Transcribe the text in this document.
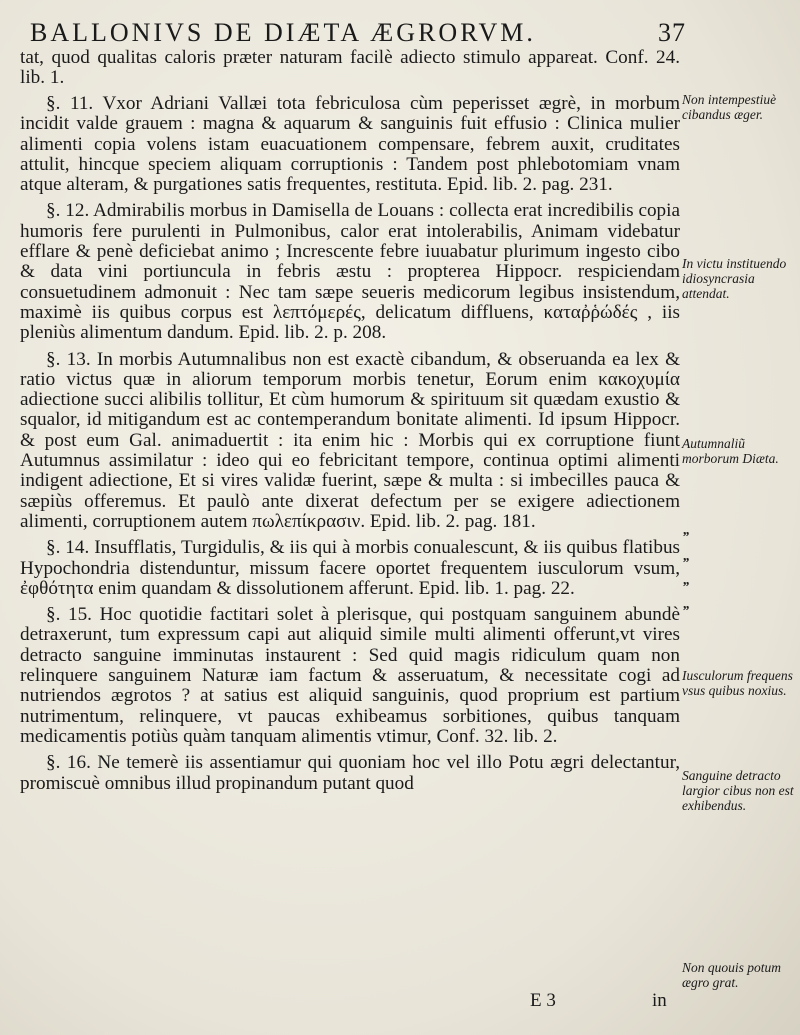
BALLONIVS DE DIÆTA ÆGRORVM.	37

tat, quod qualitas caloris præter naturam facilè adiecto stimulo appareat. Conf. 24. lib. 1.

§. 11. Vxor Adriani Vallæi tota febriculosa cùm peperisset ægrè, in morbum incidit valde grauem : magna & aquarum & sanguinis fuit effusio : Clinica mulier alimenti copia volens istam euacuationem compensare, febrem auxit, cruditates attulit, hincque speciem aliquam corruptionis : Tandem post phlebotomiam vnam atque alteram, & purgationes satis frequentes, restituta. Epid. lib. 2. pag. 231.

§. 12. Admirabilis morbus in Damisella de Louans : collecta erat incredibilis copia humoris fere purulenti in Pulmonibus, calor erat intolerabilis, Animam videbatur efflare & penè deficiebat animo ; Increscente febre iuuabatur plurimum ingesto cibo & data vini portiuncula in febris æstu : propterea Hippocr. respiciendam consuetudinem admonuit : Nec tam sæpe seueris medicorum legibus insistendum, maximè iis quibus corpus est λεπτόμερές, delicatum diffluens, καταῤῥώδές , iis pleniùs alimentum dandum. Epid. lib. 2. p. 208.

§. 13. In morbis Autumnalibus non est exactè cibandum, & obseruanda ea lex & ratio victus quæ in aliorum temporum morbis tenetur, Eorum enim κακοχυμία adiectione succi alibilis tollitur, Et cùm humorum & spirituum sit quædam exustio & squalor, id mitigandum est ac contemperandum bonitate alimenti. Id ipsum Hippocr. & post eum Gal. animaduertit : ita enim hic : Morbis qui ex corruptione fiunt Autumnus assimilatur : ideo qui eo febricitant tempore, continua optimi alimenti indigent adiectione, Et si vires validæ fuerint, sæpe & multa : si imbecilles pauca & sæpiùs offeremus. Et paulò ante dixerat defectum per se exigere adiectionem alimenti, corruptionem autem πωλεπίκρασιν. Epid. lib. 2. pag. 181.

§. 14. Insufflatis, Turgidulis, & iis qui à morbis conualescunt, & iis quibus flatibus Hypochondria distenduntur, missum facere oportet frequentem iusculorum vsum, ἐφθότητα enim quandam & dissolutionem afferunt. Epid. lib. 1. pag. 22.

§. 15. Hoc quotidie factitari solet à plerisque, qui postquam sanguinem abundè detraxerunt, tum expressum capi aut aliquid simile multi alimenti offerunt,vt vires detracto sanguine imminutas instaurent : Sed quid magis ridiculum quam non relinquere sanguinem Naturæ iam factum & asseruatum, & necessitate cogi ad nutriendos ægrotos ? at satius est aliquid sanguinis, quod proprium est partium nutrimentum, relinquere, vt paucas exhibeamus sorbitiones, quibus tanquam medicamentis potiùs quàm tanquam alimentis vtimur, Conf. 32. lib. 2.

§. 16. Ne temerè iis assentiamur qui quoniam hoc vel illo Potu ægri delectantur, promiscuè omnibus illud propinandum putant quod

Non intempestiuè cibandus æger.
In victu instituendo idiosyncrasia attendat.
Autumnaliũ morborum Diæta.
”
”
”
”
Iusculorum frequens vsus quibus noxius.
Sanguine detracto largior cibus non est exhibendus.
Non quouis potum ægro grat.
E 3	in
